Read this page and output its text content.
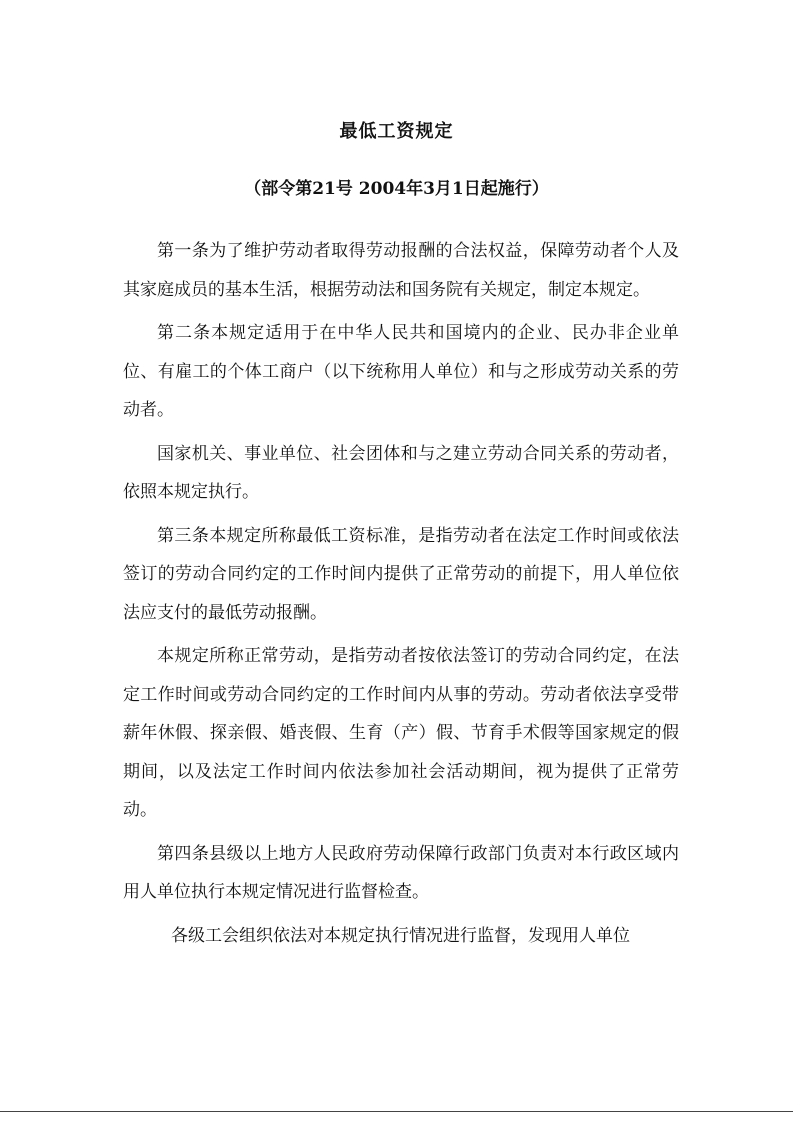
最低工资规定
（部令第21号 2004年3月1日起施行）

第一条为了维护劳动者取得劳动报酬的合法权益，保障劳动者个人及其家庭成员的基本生活，根据劳动法和国务院有关规定，制定本规定。

第二条本规定适用于在中华人民共和国境内的企业、民办非企业单位、有雇工的个体工商户（以下统称用人单位）和与之形成劳动关系的劳动者。

国家机关、事业单位、社会团体和与之建立劳动合同关系的劳动者，依照本规定执行。

第三条本规定所称最低工资标准，是指劳动者在法定工作时间或依法签订的劳动合同约定的工作时间内提供了正常劳动的前提下，用人单位依法应支付的最低劳动报酬。

本规定所称正常劳动，是指劳动者按依法签订的劳动合同约定，在法定工作时间或劳动合同约定的工作时间内从事的劳动。劳动者依法享受带薪年休假、探亲假、婚丧假、生育（产）假、节育手术假等国家规定的假期间，以及法定工作时间内依法参加社会活动期间，视为提供了正常劳动。

第四条县级以上地方人民政府劳动保障行政部门负责对本行政区域内用人单位执行本规定情况进行监督检查。

各级工会组织依法对本规定执行情况进行监督，发现用人单位
